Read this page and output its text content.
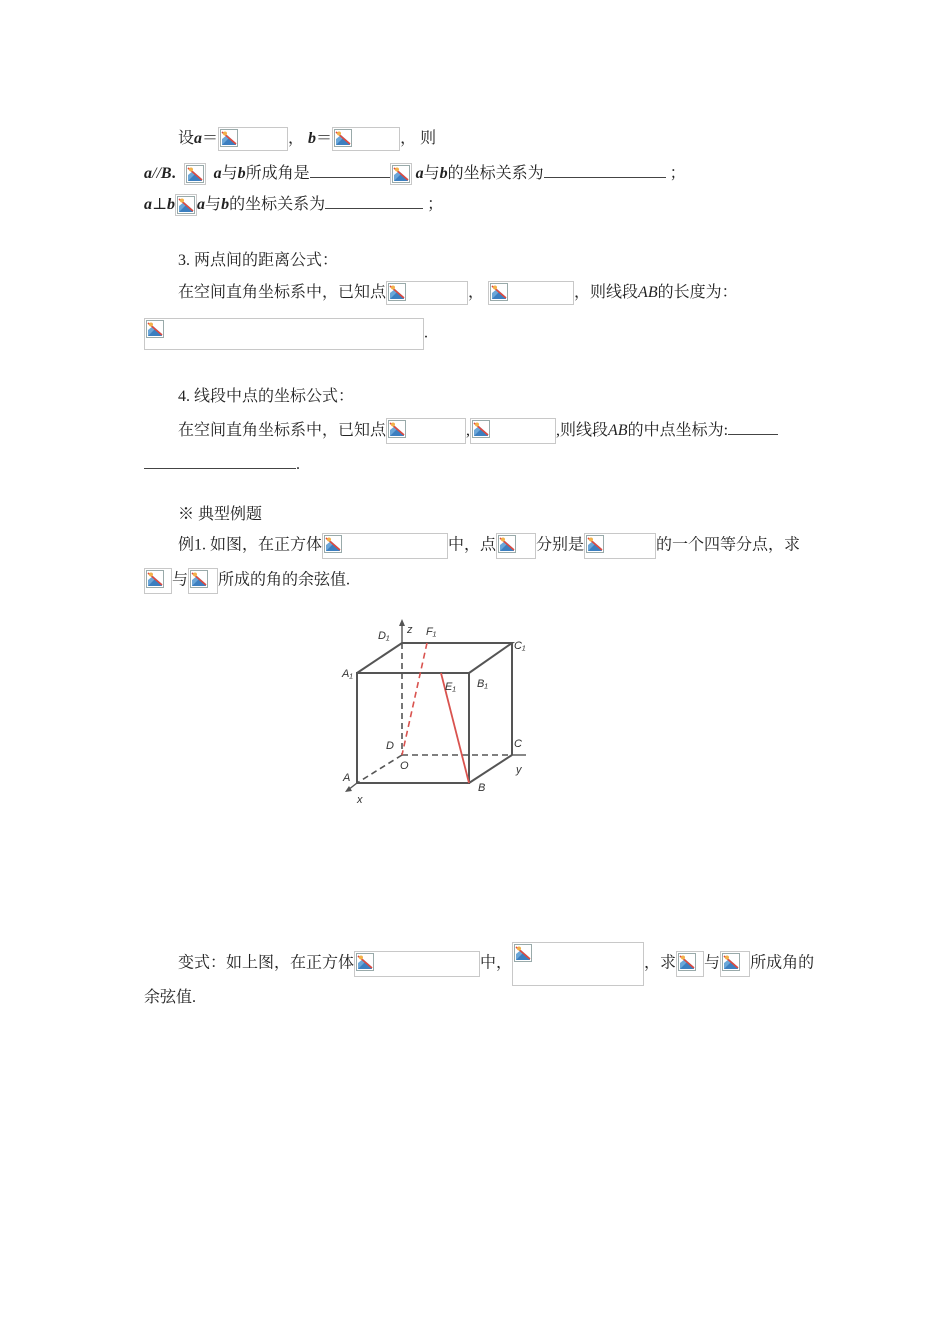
设a＝	， b＝	， 则
a//B. a与b所成角是	a与b的坐标关系为	；
a⊥b a与b的坐标关系为	；
3. 两点间的距离公式：
在空间直角坐标系中，已知点	，	，则线段AB的长度为：
.
4. 线段中点的坐标公式：
在空间直角坐标系中，已知点	,	,则线段AB的中点坐标为:
.
※ 典型例题
例1. 如图，在正方体	中，点	分别是	的一个四等分点，求
与 所成的角的余弦值.
D₁ z F₁
C₁
A₁
E₁ B₁
D	C
O	y
A
B
x
变式：如上图，在正方体	中，	，求 与 所成角的
余弦值.
